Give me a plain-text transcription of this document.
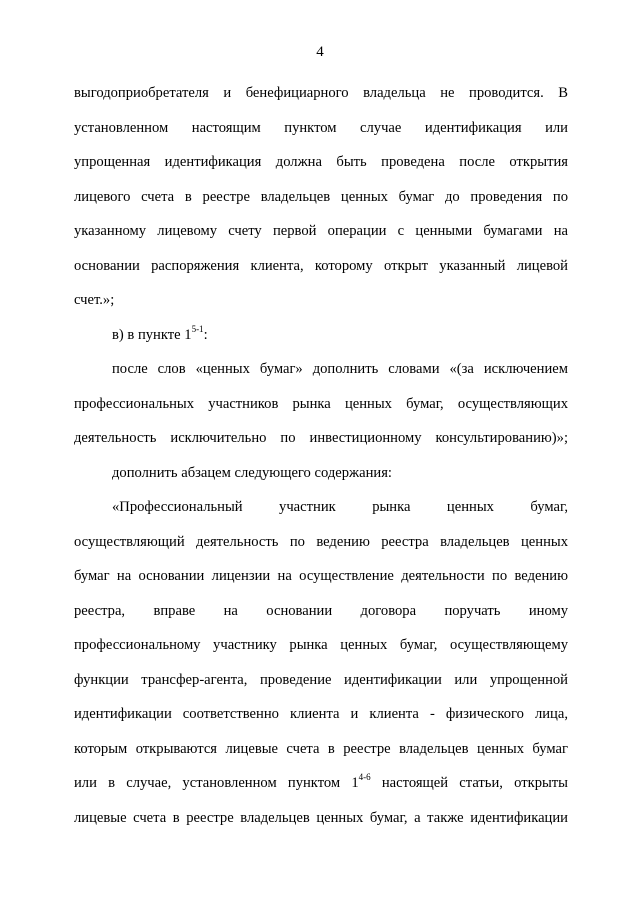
4
выгодоприобретателя и бенефициарного владельца не проводится. В
установленном настоящим пунктом случае идентификация или
упрощенная идентификация должна быть проведена после открытия
лицевого счета в реестре владельцев ценных бумаг до проведения по
указанному лицевому счету первой операции с ценными бумагами на
основании распоряжения клиента, которому открыт указанный лицевой
счет.»;
в) в пункте 1$^{5-1}$:
после слов «ценных бумаг» дополнить словами «(за исключением
профессиональных участников рынка ценных бумаг, осуществляющих
деятельность исключительно по инвестиционному консультированию)»;
дополнить абзацем следующего содержания:
«Профессиональный участник рынка ценных бумаг,
осуществляющий деятельность по ведению реестра владельцев ценных
бумаг на основании лицензии на осуществление деятельности по ведению
реестра, вправе на основании договора поручать иному
профессиональному участнику рынка ценных бумаг, осуществляющему
функции трансфер-агента, проведение идентификации или упрощенной
идентификации соответственно клиента и клиента - физического лица,
которым открываются лицевые счета в реестре владельцев ценных бумаг
или в случае, установленном пунктом 1$^{4-6}$ настоящей статьи, открыты
лицевые счета в реестре владельцев ценных бумаг, а также идентификации
